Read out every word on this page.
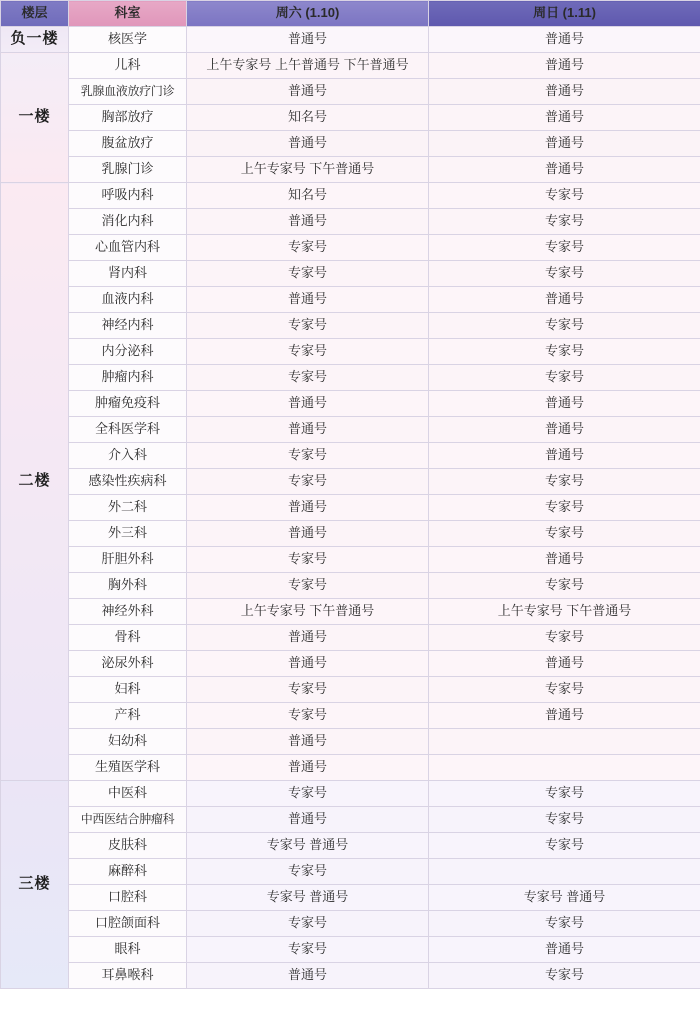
楼层	科室	周六 (1.10)	周日 (1.11)
负一楼	核医学	普通号	普通号
一楼	儿科	上午专家号 上午普通号 下午普通号	普通号
	乳腺血液放疗门诊	普通号	普通号
	胸部放疗	知名号	普通号
	腹盆放疗	普通号	普通号
	乳腺门诊	上午专家号 下午普通号	普通号
二楼	呼吸内科	知名号	专家号
	消化内科	普通号	专家号
	心血管内科	专家号	专家号
	肾内科	专家号	专家号
	血液内科	普通号	普通号
	神经内科	专家号	专家号
	内分泌科	专家号	专家号
	肿瘤内科	专家号	专家号
	肿瘤免疫科	普通号	普通号
	全科医学科	普通号	普通号
	介入科	专家号	普通号
	感染性疾病科	专家号	专家号
	外二科	普通号	专家号
	外三科	普通号	专家号
	肝胆外科	专家号	普通号
	胸外科	专家号	专家号
	神经外科	上午专家号 下午普通号	上午专家号 下午普通号
	骨科	普通号	专家号
	泌尿外科	普通号	普通号
	妇科	专家号	专家号
	产科	专家号	普通号
	妇幼科	普通号	
	生殖医学科	普通号	
三楼	中医科	专家号	专家号
	中西医结合肿瘤科	普通号	专家号
	皮肤科	专家号 普通号	专家号
	麻醉科	专家号	
	口腔科	专家号 普通号	专家号 普通号
	口腔颌面科	专家号	专家号
	眼科	专家号	普通号
	耳鼻喉科	普通号	专家号
